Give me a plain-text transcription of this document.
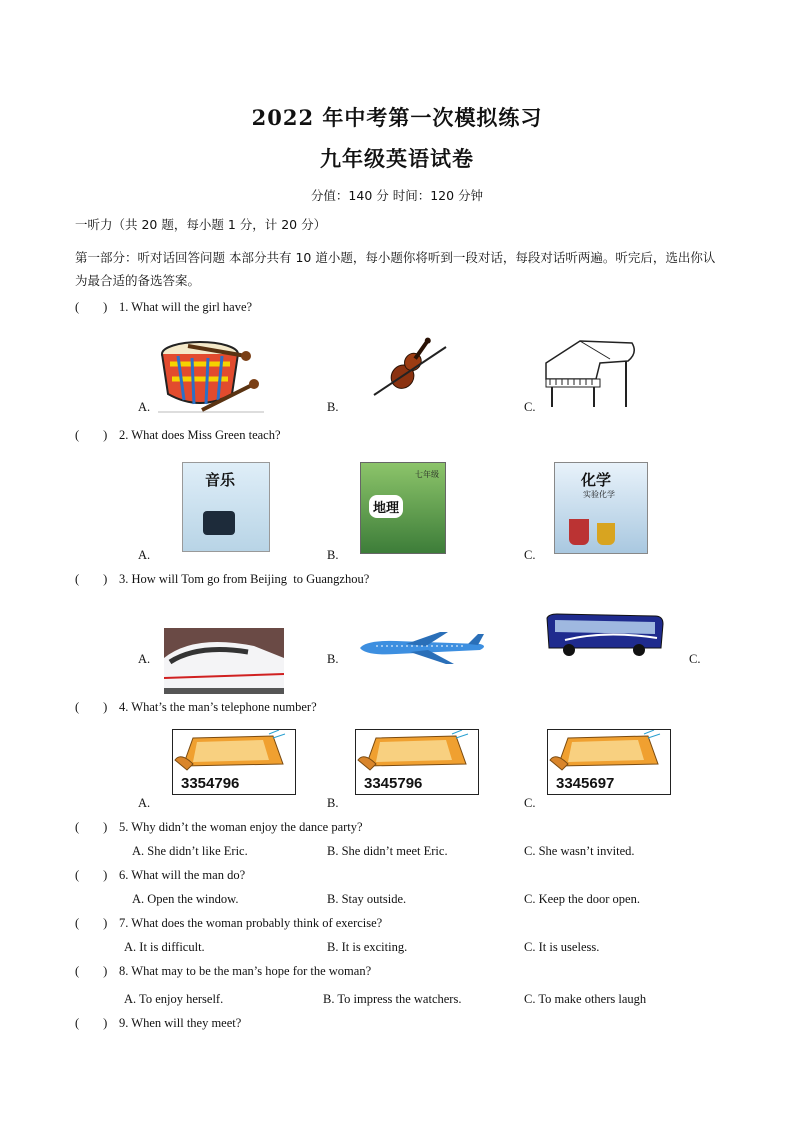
2022 年中考第一次模拟练习
九年级英语试卷
分值：140 分 时间：120 分钟
一听力（共 20 题，每小题 1 分，计 20 分）
第一部分：听对话回答问题 本部分共有 10 道小题，每小题你将听到一段对话，每段对话听两遍。听完后，选出你认为最合适的备选答案。
( ) 1. What will the girl have?
A.	B.	C.
( ) 2. What does Miss Green teach?
音乐	七年级
地理
化学
实验化学
A.	B.	C.
( ) 3. How will Tom go from Beijing  to Guangzhou?
A.	B.	C.
( ) 4. What’s the man’s telephone number?
3354796	3345796	3345697
A.	B.	C.
( ) 5. Why didn’t the woman enjoy the dance party?
A. She didn’t like Eric.	B. She didn’t meet Eric.	C. She wasn’t invited.
( ) 6. What will the man do?
A. Open the window.	B. Stay outside.	C. Keep the door open.
( ) 7. What does the woman probably think of exercise?
A. It is difficult.	B. It is exciting.	C. It is useless.
( ) 8. What may to be the man’s hope for the woman?
A. To enjoy herself.	B. To impress the watchers.	C. To make others laugh
( ) 9. When will they meet?
